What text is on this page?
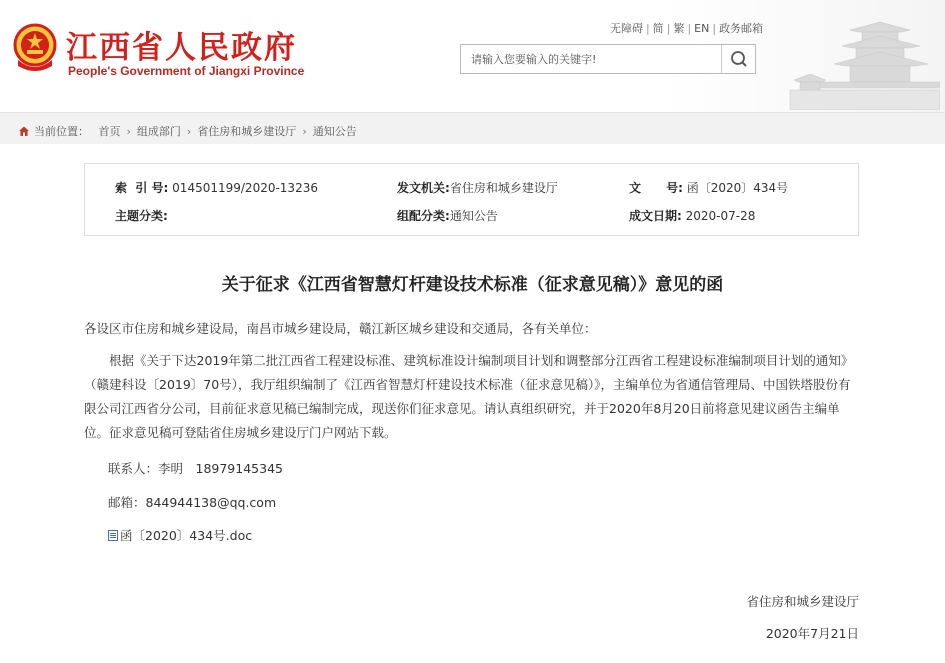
江西省人民政府
People's Government of Jiangxi Province
无障碍 | 简 | 繁 | EN | 政务邮箱
请输入您要输入的关键字!
当前位置： 首页 › 组成部门 › 省住房和城乡建设厅 › 通知公告
索  引 号: 014501199/2020-13236	发文机关:省住房和城乡建设厅	文      号: 函〔2020〕434号
主题分类:	组配分类:通知公告	成文日期: 2020-07-28
关于征求《江西省智慧灯杆建设技术标准（征求意见稿）》意见的函
各设区市住房和城乡建设局，南昌市城乡建设局，赣江新区城乡建设和交通局，各有关单位：
根据《关于下达2019年第二批江西省工程建设标准、建筑标准设计编制项目计划和调整部分江西省工程建设标准编制项目计划的通知》（赣建科设〔2019〕70号），我厅组织编制了《江西省智慧灯杆建设技术标准（征求意见稿）》，主编单位为省通信管理局、中国铁塔股份有限公司江西省分公司，目前征求意见稿已编制完成，现送你们征求意见。请认真组织研究，并于2020年8月20日前将意见建议函告主编单位。征求意见稿可登陆省住房城乡建设厅门户网站下载。
联系人：李明　18979145345
邮箱：844944138@qq.com
函〔2020〕434号.doc
省住房和城乡建设厅
2020年7月21日
